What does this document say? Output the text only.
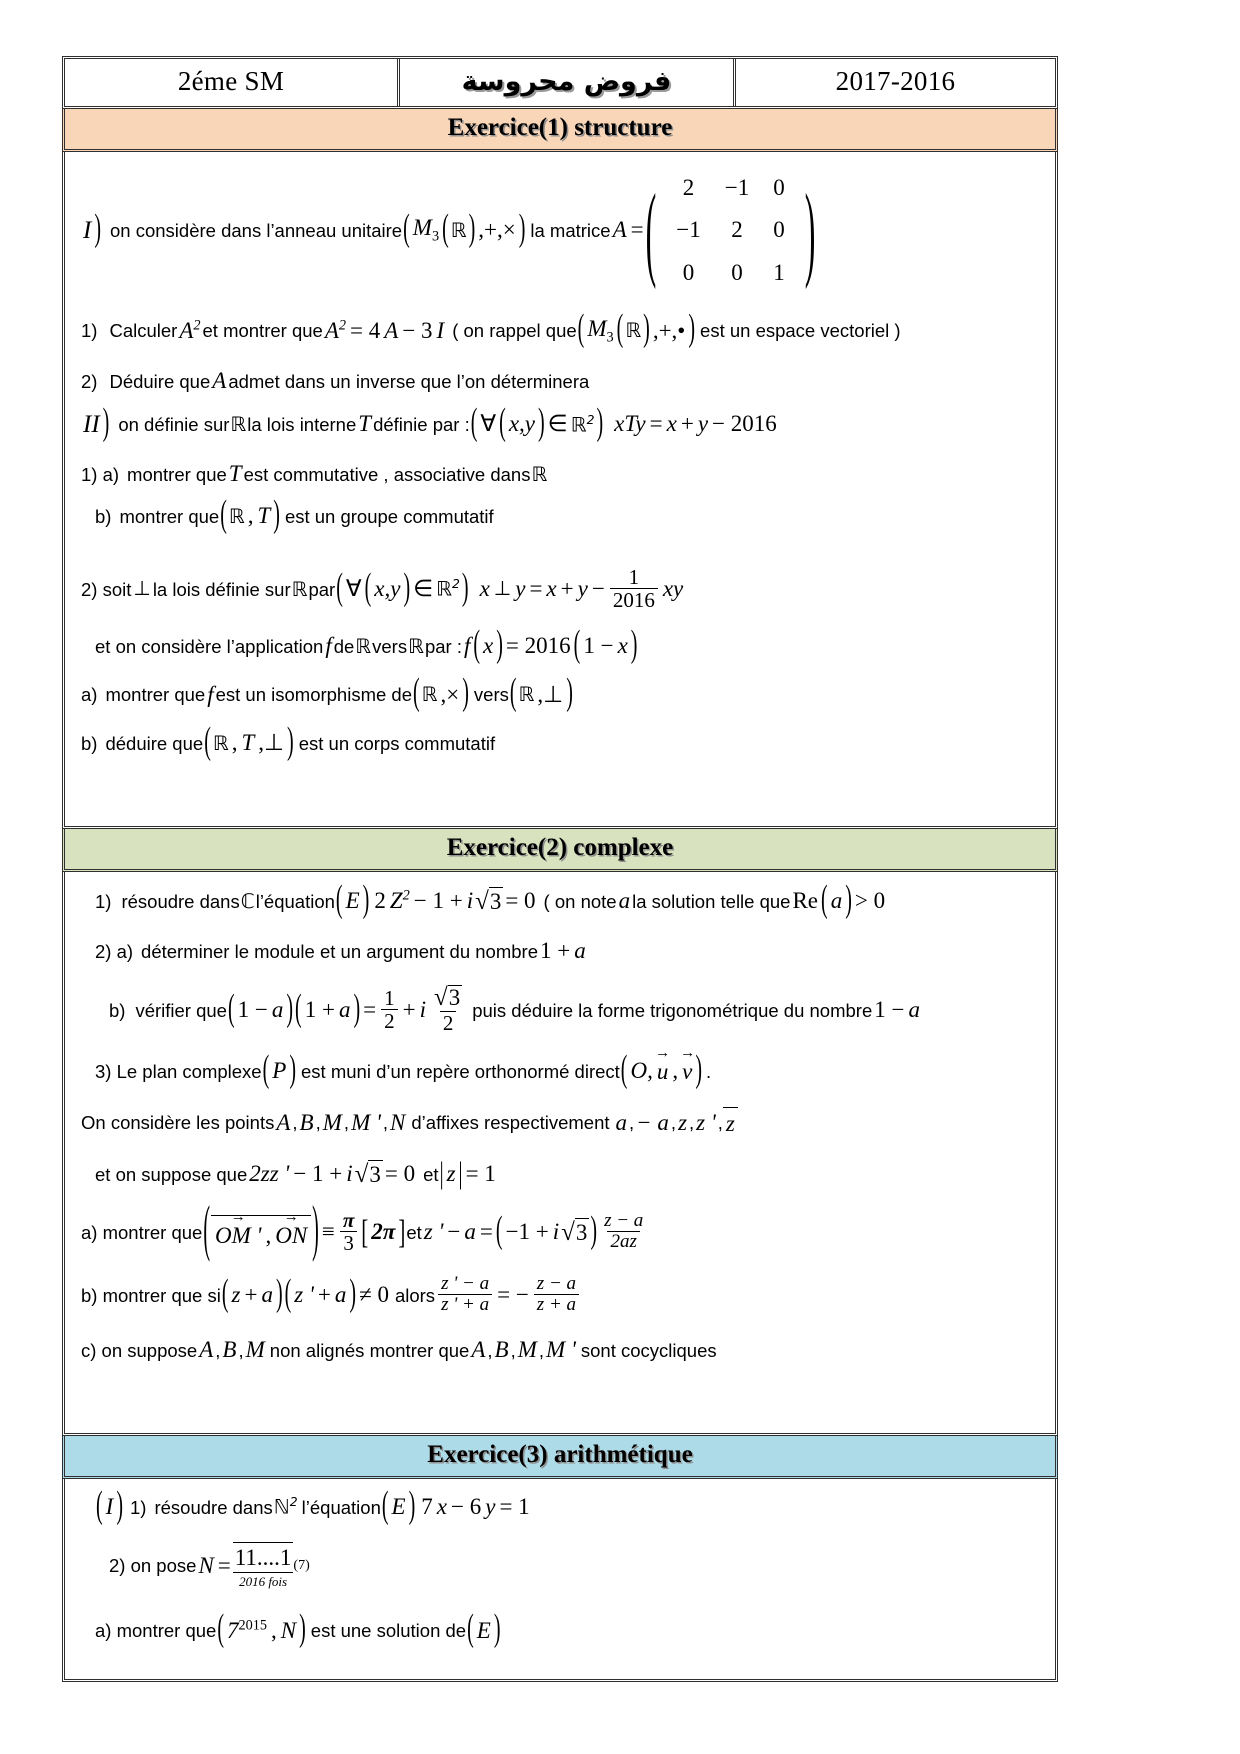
2éme SM	فروض محروسة	2017-2016
Exercice(1) structure
I ) on considère dans l’anneau unitaire ( $M_3$ ( ℝ ) ,+,× ) la matrice A = ( 2	−1	0
−1	2	0
0	0	1 )
1) Calculer $A^2$ et montrer que $A^2 = 4$ A − 3 I ( on rappel que ( $M_3$ ( ℝ ) ,+,• ) est un espace vectoriel )
2) Déduire que A admet dans un inverse que l’on déterminera
II ) on définie sur ℝ la lois interne T définie par : ( ∀ ( x,y ) ∈ ℝ$^2$ ) xTy = x + y − 2016
1) a) montrer que T est commutative , associative dans ℝ
b) montrer que ( ℝ , T ) est un groupe commutatif
2) soit ⊥ la lois définie sur ℝ par ( ∀ ( x,y ) ∈ ℝ$^2$ ) x ⊥ $y = x + y - \frac{1}{2016}$ xy
et on considère l’application f de ℝ vers ℝ par : f ( x ) = 2016 ( 1 − x )
a) montrer que f est un isomorphisme de ( ℝ ,× ) vers ( ℝ ,⊥ )
b) déduire que ( ℝ , T ,⊥ ) est un corps commutatif
Exercice(2) complexe
1) résoudre dans ℂ l’équation ( E ) 2 $Z^2 - 1 + i$ √3 = 0 ( on note a la solution telle que Re ( a ) > 0
2) a) déterminer le module et un argument du nombre 1 + a
b) vérifier que ( 1 − a ) ( 1 + a ) = $\frac{1}{2} + i \frac{√3}{2}$ puis déduire la forme trigonométrique du nombre 1 − a
3) Le plan complexe ( P ) est muni d’un repère orthonormé direct ( O, u → , v → ) .
On considère les points A , B , M , M ' , N d’affixes respectivement a , − a , z , z ' , z
et on suppose que 2zz ' − 1 + i √3 = 0 et | z | = 1
a) montrer que ( OM ' → , ON → ) ≡ $\frac{\pi}{3}$ [ 2π ] et z ' − a = ( −1 + i √3 ) $\frac{z - a}{2az}$
b) montrer que si ( z + a ) ( z ' + a ) ≠ 0 alors $\frac{z ' - a}{z ' + a}$ = − $\frac{z - a}{z + a}$
c) on suppose A , B , M non alignés montrer que A , B , M , M ' sont cocycliques
Exercice(3) arithmétique
( I ) 1) résoudre dans ℕ$^2$ l’équation ( E ) 7 x − 6 y = 1
2) on pose N = 11....1
2016 fois
(7)
a) montrer que ( $7^{2015}$ , N ) est une solution de ( E )
